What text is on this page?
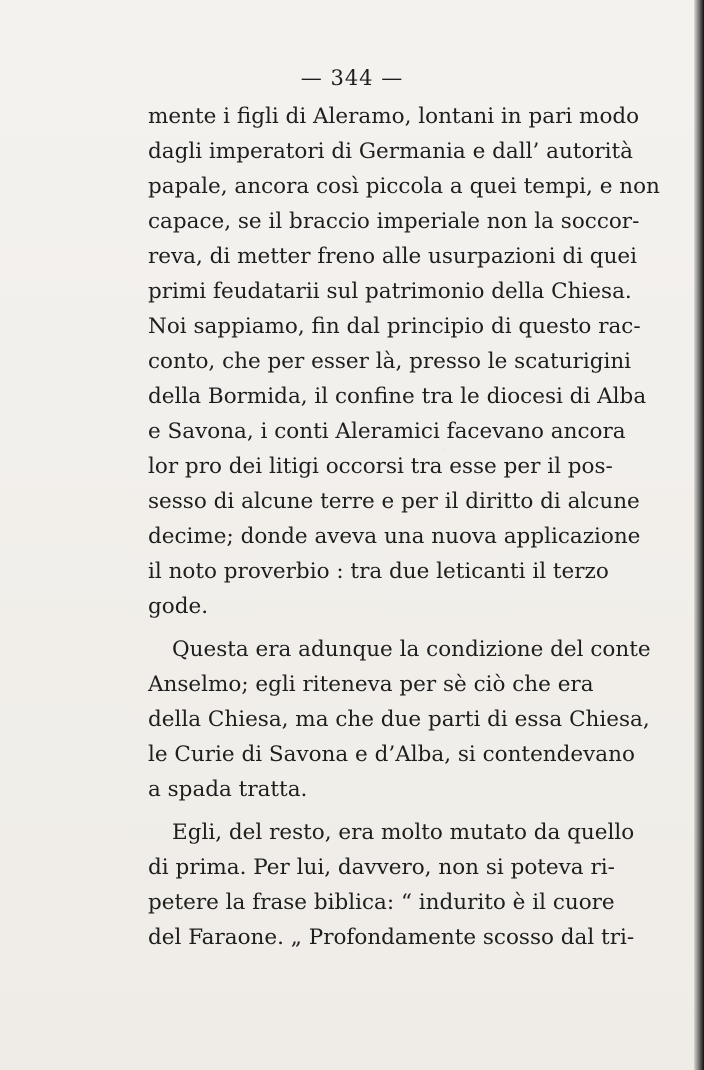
— 344 —
mente i figli di Aleramo, lontani in pari modo
dagli imperatori di Germania e dall’ autorità
papale, ancora così piccola a quei tempi, e non
capace, se il braccio imperiale non la soccor-
reva, di metter freno alle usurpazioni di quei
primi feudatarii sul patrimonio della Chiesa.
Noi sappiamo, fin dal principio di questo rac-
conto, che per esser là, presso le scaturigini
della Bormida, il confine tra le diocesi di Alba
e Savona, i conti Aleramici facevano ancora
lor pro dei litigi occorsi tra esse per il pos-
sesso di alcune terre e per il diritto di alcune
decime; donde aveva una nuova applicazione
il noto proverbio : tra due leticanti il terzo
gode.
Questa era adunque la condizione del conte
Anselmo; egli riteneva per sè ciò che era
della Chiesa, ma che due parti di essa Chiesa,
le Curie di Savona e d’Alba, si contendevano
a spada tratta.
Egli, del resto, era molto mutato da quello
di prima. Per lui, davvero, non si poteva ri-
petere la frase biblica: “ indurito è il cuore
del Faraone. „ Profondamente scosso dal tri-
